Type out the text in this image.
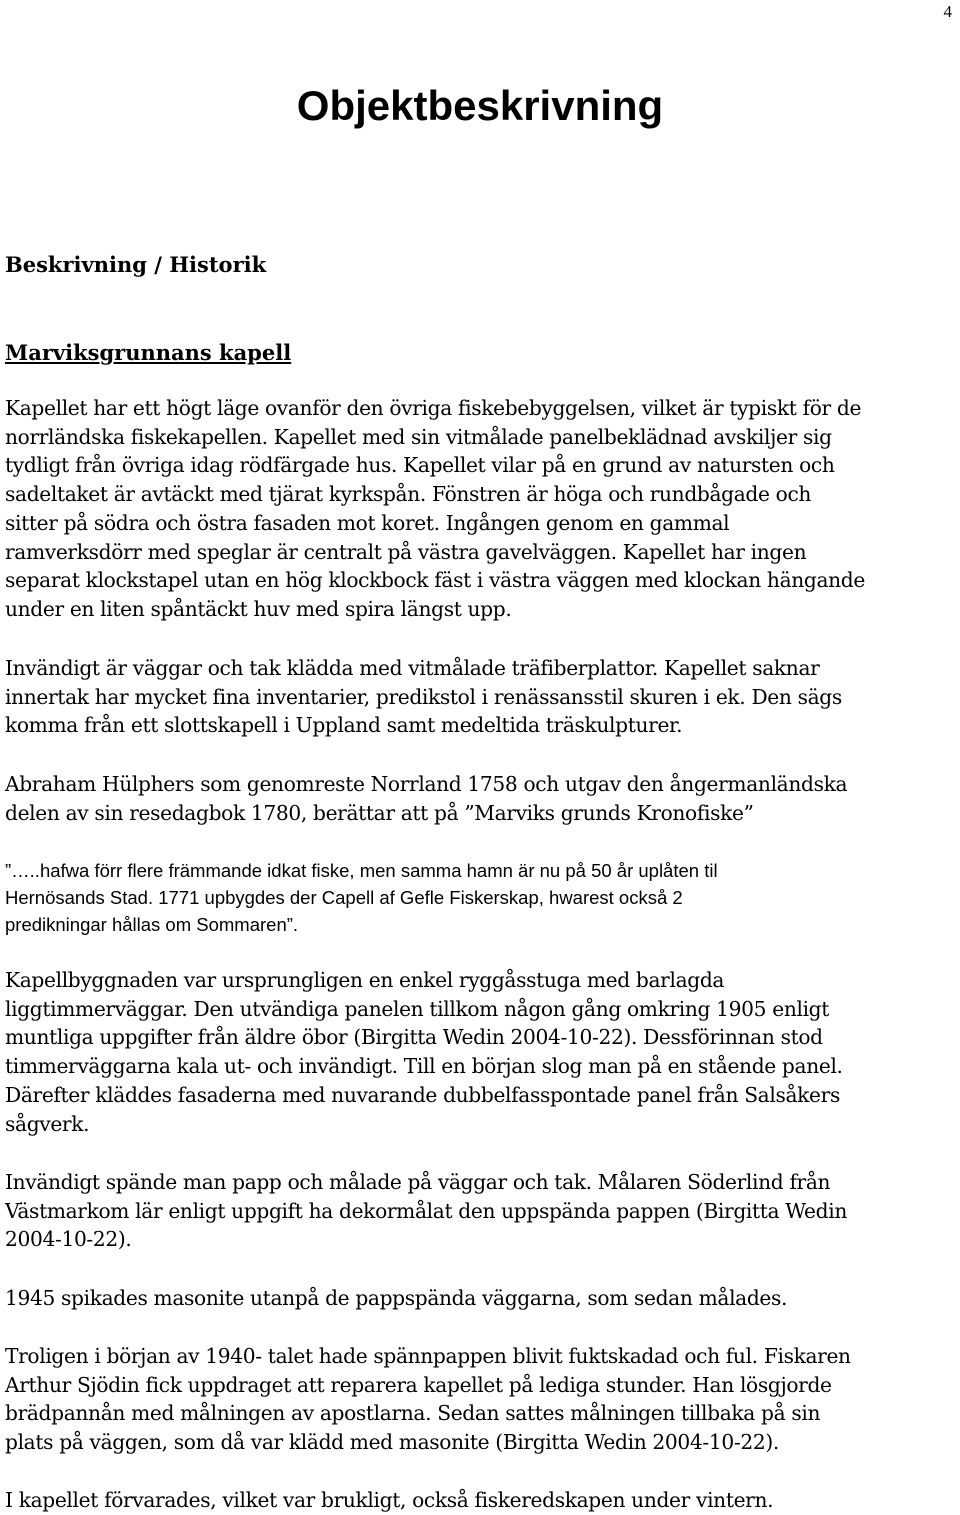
4
Objektbeskrivning
Beskrivning / Historik
Marviksgrunnans kapell

Kapellet har ett högt läge ovanför den övriga fiskebebyggelsen, vilket är typiskt för de
norrländska fiskekapellen. Kapellet med sin vitmålade panelbeklädnad avskiljer sig
tydligt från övriga idag rödfärgade hus. Kapellet vilar på en grund av natursten och
sadeltaket är avtäckt med tjärat kyrkspån. Fönstren är höga och rundbågade och
sitter på södra och östra fasaden mot koret. Ingången genom en gammal
ramverksdörr med speglar är centralt på västra gavelväggen. Kapellet har ingen
separat klockstapel utan en hög klockbock fäst i västra väggen med klockan hängande
under en liten spåntäckt huv med spira längst upp.

Invändigt är väggar och tak klädda med vitmålade träfiberplattor. Kapellet saknar
innertak har mycket fina inventarier, predikstol i renässansstil skuren i ek. Den sägs
komma från ett slottskapell i Uppland samt medeltida träskulpturer.

Abraham Hülphers som genomreste Norrland 1758 och utgav den ångermanländska
delen av sin resedagbok 1780, berättar att på ”Marviks grunds Kronofiske”

”…..hafwa förr flere främmande idkat fiske, men samma hamn är nu på 50 år uplåten til
Hernösands Stad. 1771 upbygdes der Capell af Gefle Fiskerskap, hwarest också 2
predikningar hållas om Sommaren”.

Kapellbyggnaden var ursprungligen en enkel ryggåsstuga med barlagda
liggtimmerväggar. Den utvändiga panelen tillkom någon gång omkring 1905 enligt
muntliga uppgifter från äldre öbor (Birgitta Wedin 2004-10-22). Dessförinnan stod
timmerväggarna kala ut- och invändigt. Till en början slog man på en stående panel.
Därefter kläddes fasaderna med nuvarande dubbelfasspontade panel från Salsåkers
sågverk.

Invändigt spände man papp och målade på väggar och tak. Målaren Söderlind från
Västmarkom lär enligt uppgift ha dekormålat den uppspända pappen (Birgitta Wedin
2004-10-22).

1945 spikades masonite utanpå de pappspända väggarna, som sedan målades.

Troligen i början av 1940- talet hade spännpappen blivit fuktskadad och ful. Fiskaren
Arthur Sjödin fick uppdraget att reparera kapellet på lediga stunder. Han lösgjorde
brädpannån med målningen av apostlarna. Sedan sattes målningen tillbaka på sin
plats på väggen, som då var klädd med masonite (Birgitta Wedin 2004-10-22).

I kapellet förvarades, vilket var brukligt, också fiskeredskapen under vintern.
